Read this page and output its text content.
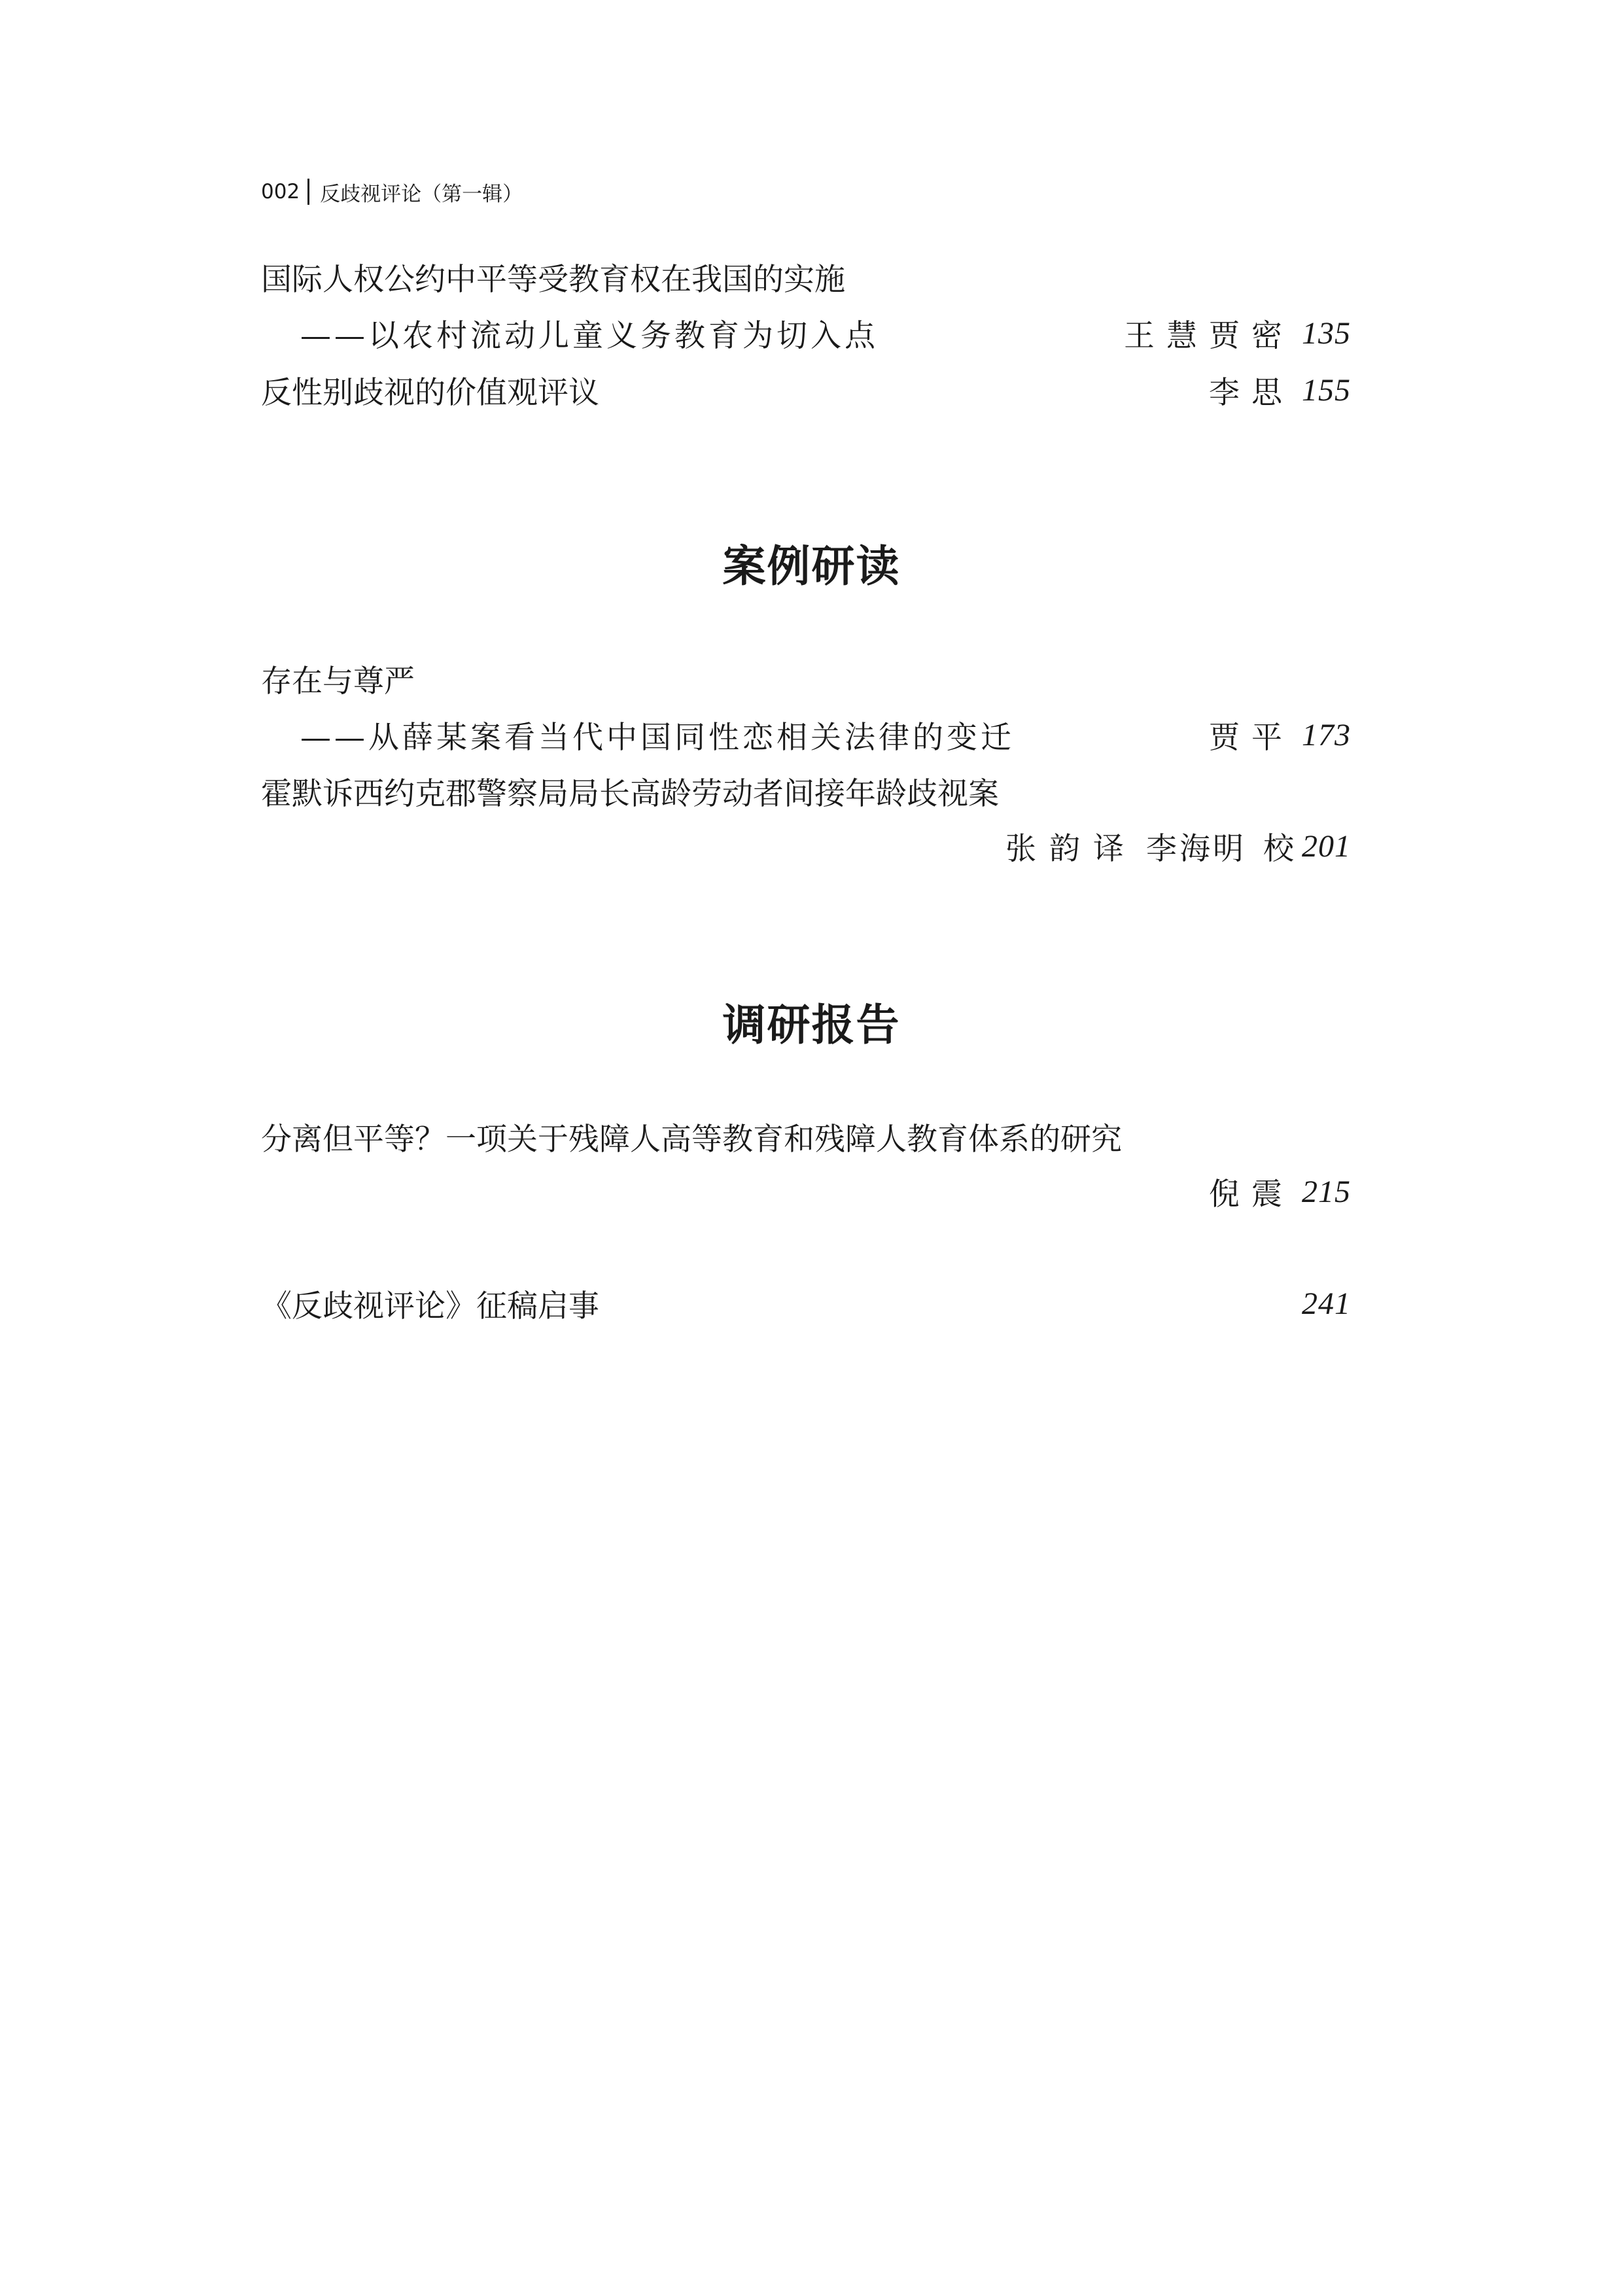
002 反歧视评论（第一辑）
国际人权公约中平等受教育权在我国的实施
——以农村流动儿童义务教育为切入点	王慧贾密 135
反性别歧视的价值观评议	李思 155
案例研读
存在与尊严
——从薛某案看当代中国同性恋相关法律的变迁	贾平 173
霍默诉西约克郡警察局局长高龄劳动者间接年龄歧视案
张韵 译 李海明 校 201
调研报告
分离但平等？一项关于残障人高等教育和残障人教育体系的研究
倪震 215
《反歧视评论》征稿启事	241
